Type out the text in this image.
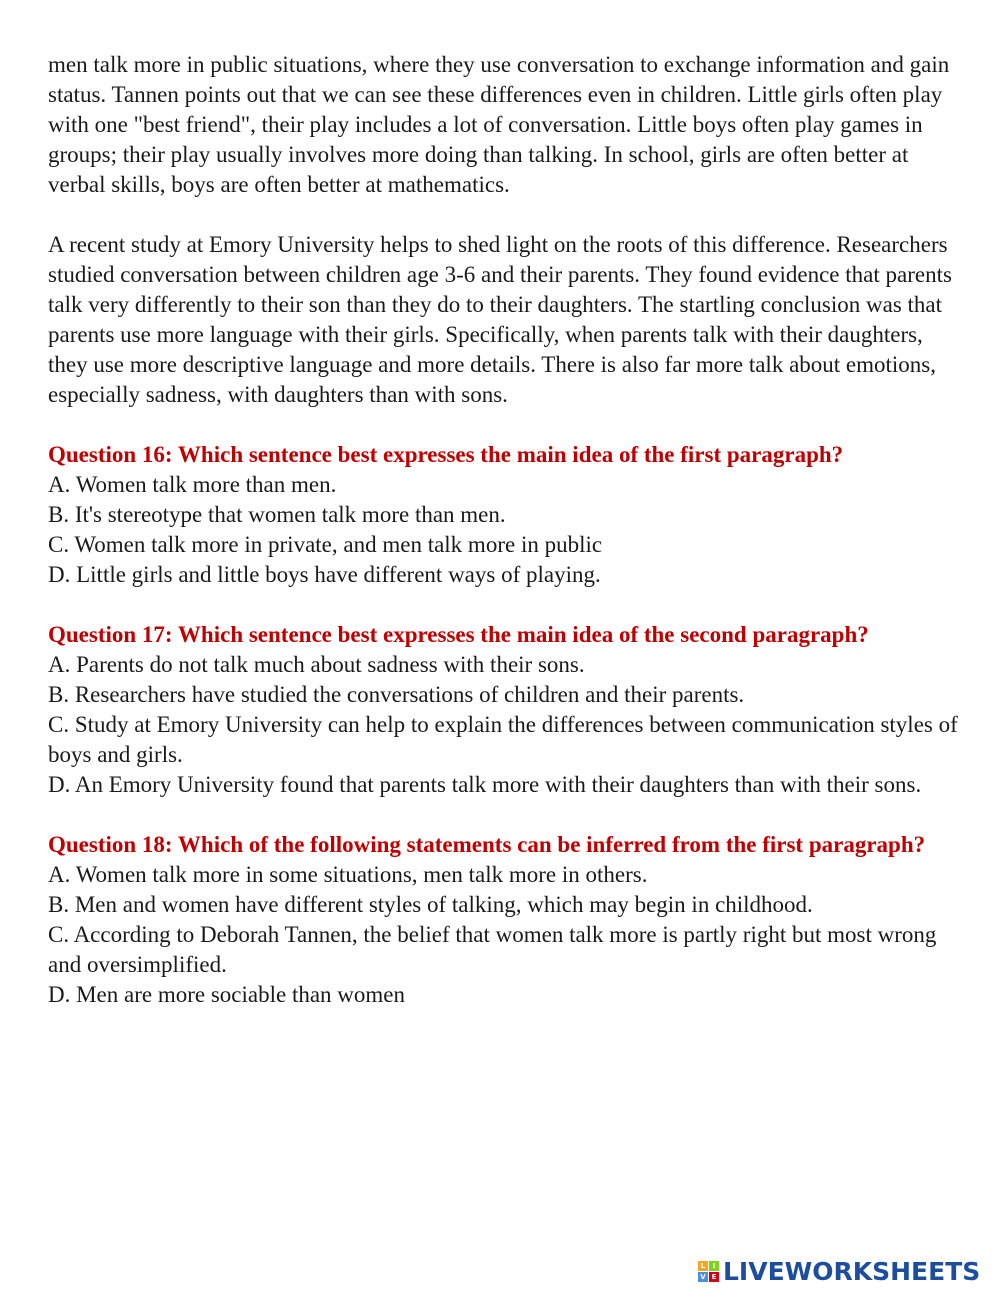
men talk more in public situations, where they use conversation to exchange information and gain status. Tannen points out that we can see these differences even in children. Little girls often play with one "best friend", their play includes a lot of conversation. Little boys often play games in groups; their play usually involves more doing than talking. In school, girls are often better at verbal skills, boys are often better at mathematics.

A recent study at Emory University helps to shed light on the roots of this difference. Researchers studied conversation between children age 3-6 and their parents. They found evidence that parents talk very differently to their son than they do to their daughters. The startling conclusion was that parents use more language with their girls. Specifically, when parents talk with their daughters, they use more descriptive language and more details. There is also far more talk about emotions, especially sadness, with daughters than with sons.

Question 16: Which sentence best expresses the main idea of the first paragraph?

A. Women talk more than men.

B. It's stereotype that women talk more than men.

C. Women talk more in private, and men talk more in public

D. Little girls and little boys have different ways of playing.

Question 17: Which sentence best expresses the main idea of the second paragraph?

A. Parents do not talk much about sadness with their sons.

B. Researchers have studied the conversations of children and their parents.

C. Study at Emory University can help to explain the differences between communication styles of boys and girls.

D. An Emory University found that parents talk more with their daughters than with their sons.

Question 18: Which of the following statements can be inferred from the first paragraph?

A. Women talk more in some situations, men talk more in others.

B. Men and women have different styles of talking, which may begin in childhood.

C. According to Deborah Tannen, the belief that women talk more is partly right but most wrong and oversimplified.

D. Men are more sociable than women

L	I
V E LIVEWORKSHEETS
